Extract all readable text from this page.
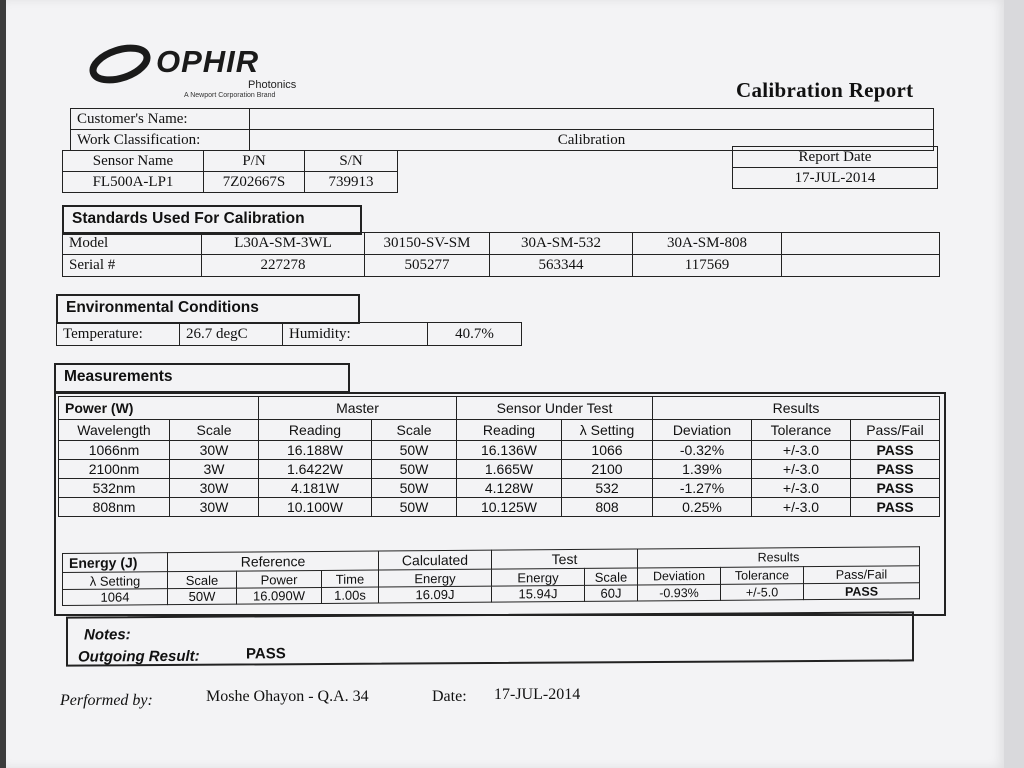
OPHIR
Photonics
A Newport Corporation Brand	Calibration Report
Customer's Name:	
Work Classification:	Calibration
Sensor Name	P/N	S/N
FL500A-LP1	7Z02667S	739913
Report Date
17-JUL-2014
Standards Used For Calibration
Model	L30A-SM-3WL	30150-SV-SM	30A-SM-532	30A-SM-808	
Serial #	227278	505277	563344	117569	
Environmental Conditions
Temperature:	26.7 degC	Humidity:	40.7%
Measurements
Power (W)		Master		Sensor Under Test		Results		
Wavelength	Scale	Reading	Scale	Reading	λ Setting	Deviation	Tolerance	Pass/Fail
1066nm	30W	16.188W	50W	16.136W	1066	-0.32%	+/-3.0	PASS
2100nm	3W	1.6422W	50W	1.665W	2100	1.39%	+/-3.0	PASS
532nm	30W	4.181W	50W	4.128W	532	-1.27%	+/-3.0	PASS
808nm	30W	10.100W	50W	10.125W	808	0.25%	+/-3.0	PASS
Energy (J)	Reference			Calculated	Test		Results		
λ Setting	Scale	Power	Time	Energy	Energy	Scale	Deviation	Tolerance	Pass/Fail
1064	50W	16.090W	1.00s	16.09J	15.94J	60J	-0.93%	+/-5.0	PASS
Notes:
Outgoing Result:	PASS
Performed by:	Moshe Ohayon - Q.A. 34	Date: 17-JUL-2014
